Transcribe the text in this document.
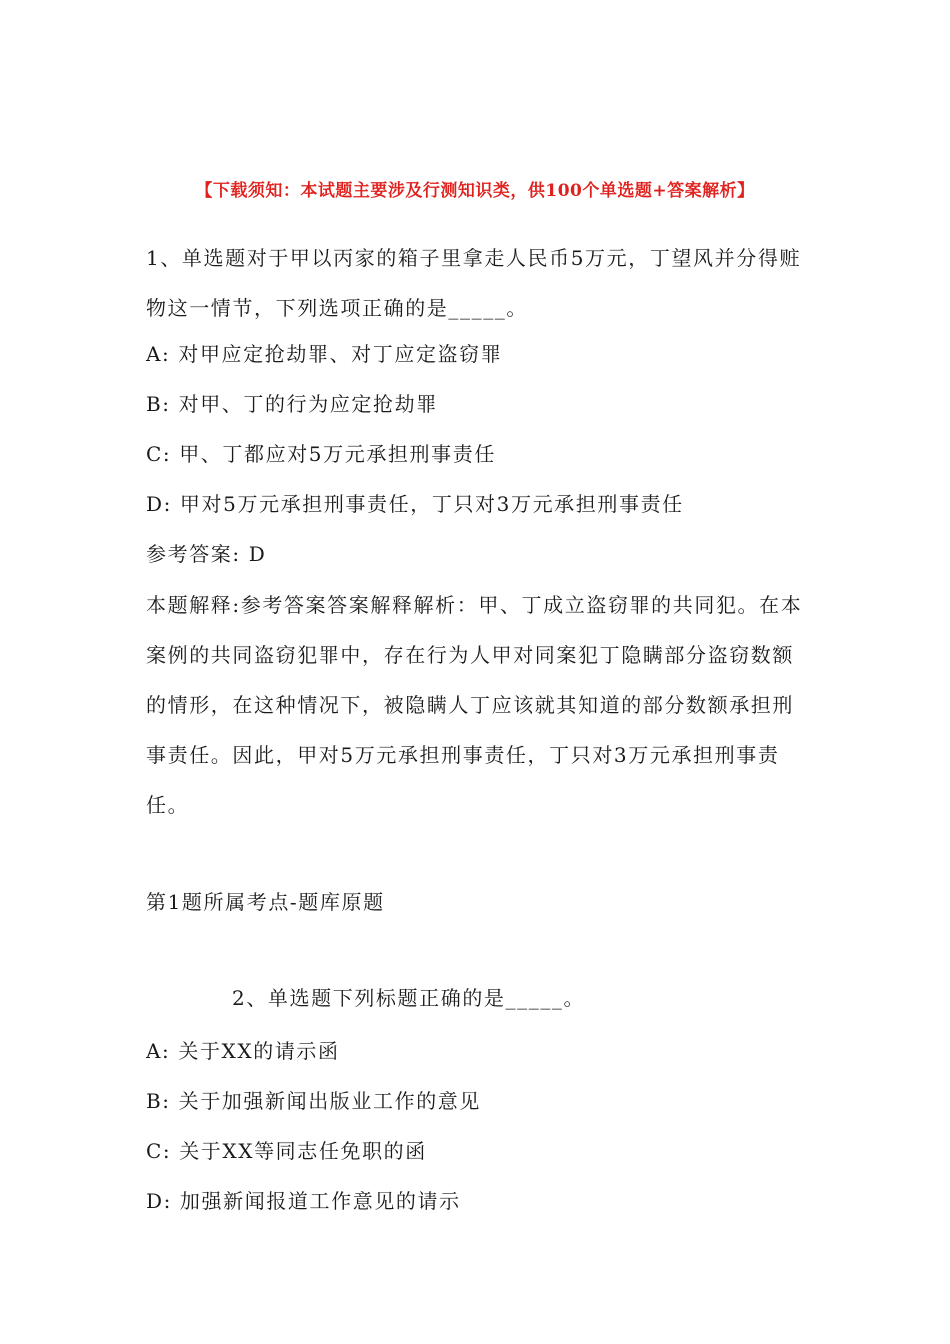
【下载须知：本试题主要涉及行测知识类，供100个单选题+答案解析】
1、单选题对于甲以丙家的箱子里拿走人民币5万元，丁望风并分得赃物这一情节，下列选项正确的是_____。
A: 对甲应定抢劫罪、对丁应定盗窃罪
B: 对甲、丁的行为应定抢劫罪
C: 甲、丁都应对5万元承担刑事责任
D: 甲对5万元承担刑事责任，丁只对3万元承担刑事责任
参考答案: D
本题解释:参考答案答案解释解析：甲、丁成立盗窃罪的共同犯。在本案例的共同盗窃犯罪中，存在行为人甲对同案犯丁隐瞒部分盗窃数额的情形，在这种情况下，被隐瞒人丁应该就其知道的部分数额承担刑事责任。因此，甲对5万元承担刑事责任，丁只对3万元承担刑事责任。
第1题所属考点-题库原题
2、单选题下列标题正确的是_____。
A: 关于XX的请示函
B: 关于加强新闻出版业工作的意见
C: 关于XX等同志任免职的函
D: 加强新闻报道工作意见的请示
